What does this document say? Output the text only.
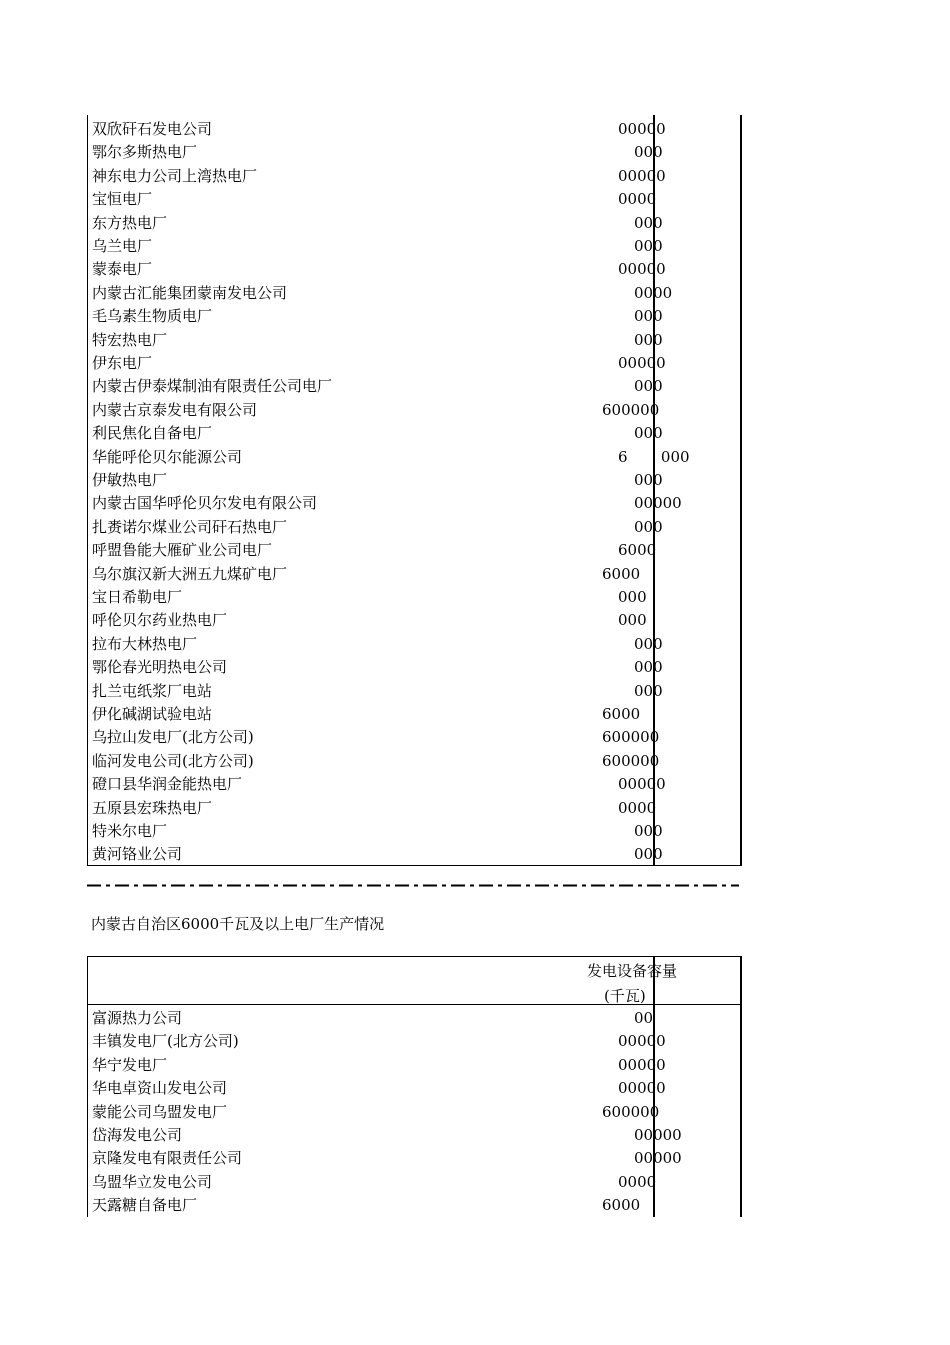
双欣矸石发电公司	00000
鄂尔多斯热电厂	000
神东电力公司上湾热电厂	00000
宝恒电厂	0000
东方热电厂	000
乌兰电厂	000
蒙泰电厂	00000
内蒙古汇能集团蒙南发电公司	0000
毛乌素生物质电厂	000
特宏热电厂	000
伊东电厂	00000
内蒙古伊泰煤制油有限责任公司电厂	000
内蒙古京泰发电有限公司	600000
利民焦化自备电厂	000
华能呼伦贝尔能源公司	6       000
伊敏热电厂	000
内蒙古国华呼伦贝尔发电有限公司	00000
扎赉诺尔煤业公司矸石热电厂	000
呼盟鲁能大雁矿业公司电厂	6000
乌尔旗汉新大洲五九煤矿电厂	6000
宝日希勒电厂	000
呼伦贝尔药业热电厂	000
拉布大林热电厂	000
鄂伦春光明热电公司	000
扎兰屯纸浆厂电站	000
伊化碱湖试验电站	6000
乌拉山发电厂(北方公司)	600000
临河发电公司(北方公司)	600000
磴口县华润金能热电厂	00000
五原县宏珠热电厂	0000
特米尔电厂	000
黄河铬业公司	000
内蒙古自治区6000千瓦及以上电厂生产情况
发电设备容量
(千瓦)
富源热力公司	00
丰镇发电厂(北方公司)	00000
华宁发电厂	00000
华电卓资山发电公司	00000
蒙能公司乌盟发电厂	600000
岱海发电公司	00000
京隆发电有限责任公司	00000
乌盟华立发电公司	0000
天露糖自备电厂	6000
